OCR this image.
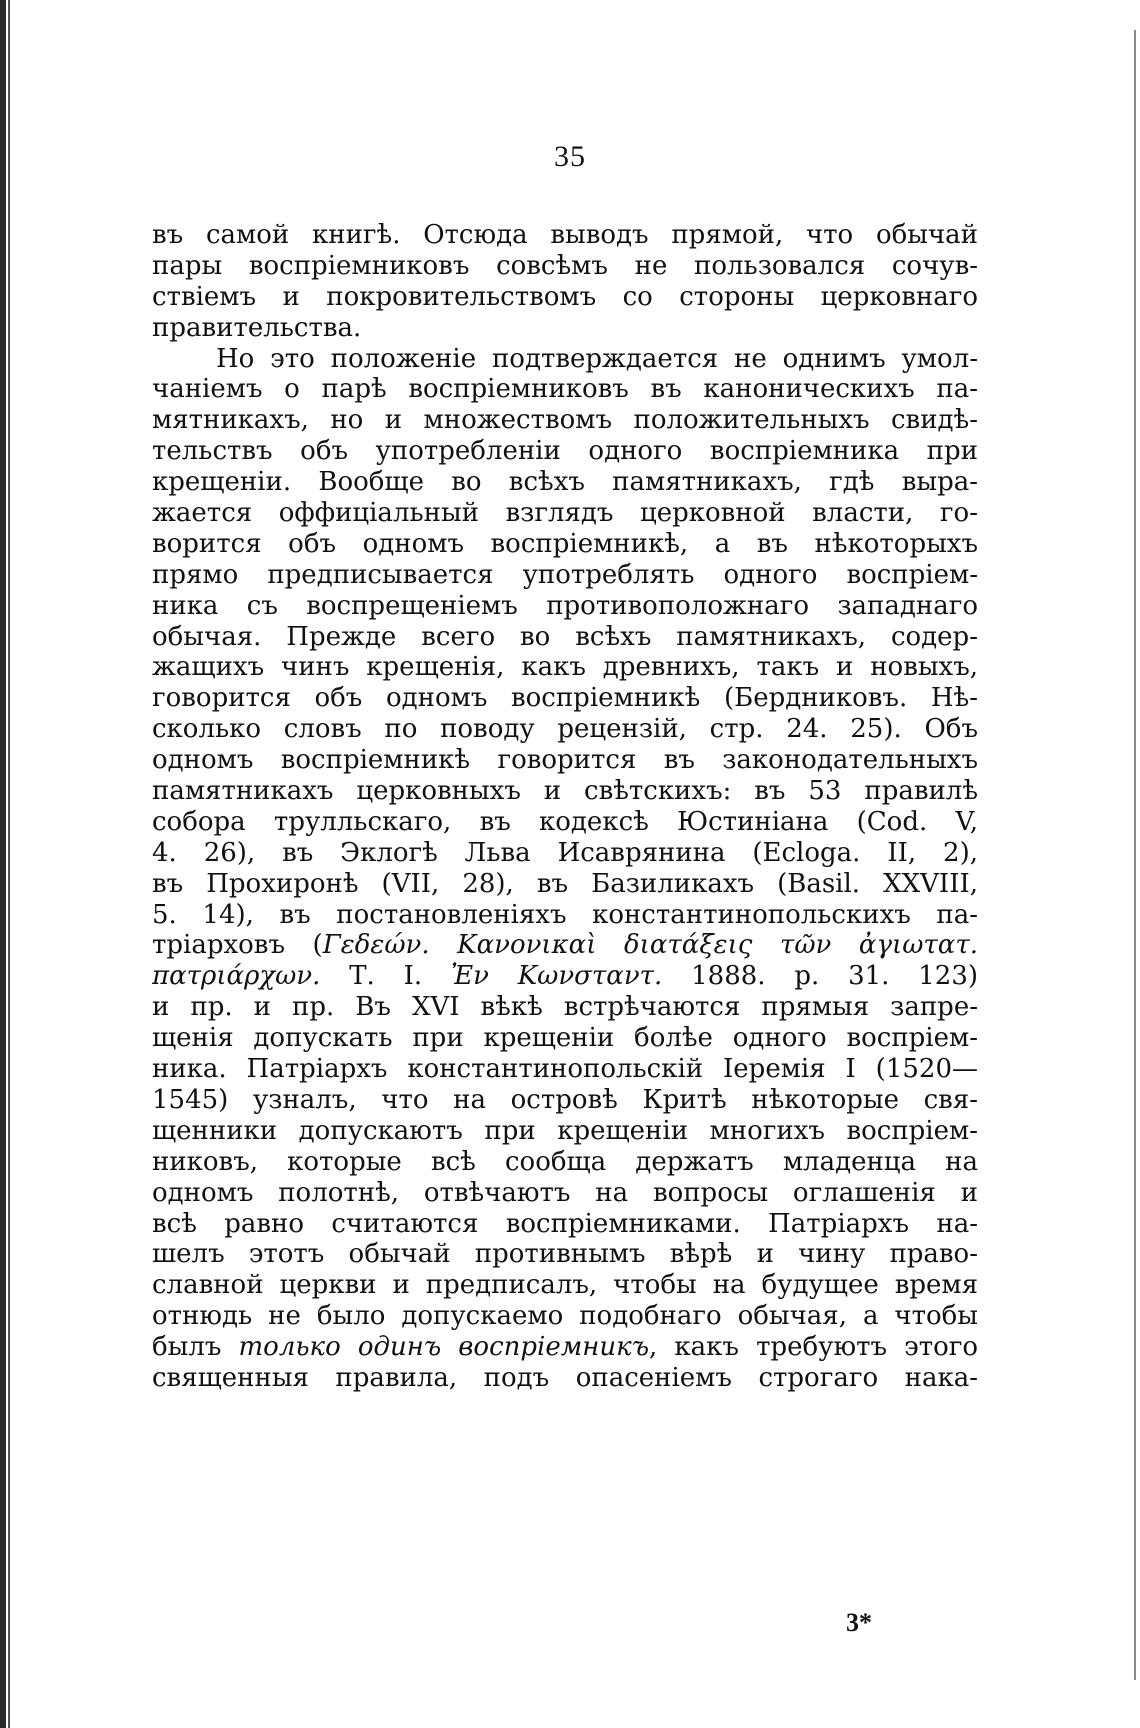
35
въ самой книгѣ. Отсюда выводъ прямой, что обычай
пары воспріемниковъ совсѣмъ не пользовался сочув-
ствіемъ и покровительствомъ со стороны церковнаго
правительства.
Но это положеніе подтверждается не однимъ умол-
чаніемъ о парѣ воспріемниковъ въ каноническихъ па-
мятникахъ, но и множествомъ положительныхъ свидѣ-
тельствъ объ употребленіи одного воспріемника при
крещеніи. Вообще во всѣхъ памятникахъ, гдѣ выра-
жается оффиціальный взглядъ церковной власти, го-
ворится объ одномъ воспріемникѣ, а въ нѣкоторыхъ
прямо предписывается употреблять одного воспріем-
ника съ воспрещеніемъ противоположнаго западнаго
обычая. Прежде всего во всѣхъ памятникахъ, содер-
жащихъ чинъ крещенія, какъ древнихъ, такъ и новыхъ,
говорится объ одномъ воспріемникѣ (Бердниковъ. Нѣ-
сколько словъ по поводу рецензій, стр. 24. 25). Объ
одномъ воспріемникѣ говорится въ законодательныхъ
памятникахъ церковныхъ и свѣтскихъ: въ 53 правилѣ
собора трулльскаго, въ кодексѣ Юстиніана (Cod. V,
4. 26), въ Эклогѣ Льва Исаврянина (Ecloga. II, 2),
въ Прохиронѣ (VII, 28), въ Базиликахъ (Basil. XXVIII,
5. 14), въ постановленіяхъ константинопольскихъ па-
тріарховъ (Γεδεών. Κανονικαὶ διατάξεις τῶν ἀγιωτατ.
πατριάρχων. Т. І. Ἐν Κωνσταντ. 1888. р. 31. 123)
и пр. и пр. Въ XVI вѣкѣ встрѣчаются прямыя запре-
щенія допускать при крещеніи болѣе одного воспріем-
ника. Патріархъ константинопольскій Іеремія І (1520—
1545) узналъ, что на островѣ Критѣ нѣкоторые свя-
щенники допускаютъ при крещеніи многихъ воспріем-
никовъ, которые всѣ сообща держатъ младенца на
одномъ полотнѣ, отвѣчаютъ на вопросы оглашенія и
всѣ равно считаются воспріемниками. Патріархъ на-
шелъ этотъ обычай противнымъ вѣрѣ и чину право-
славной церкви и предписалъ, чтобы на будущее время
отнюдь не было допускаемо подобнаго обычая, а чтобы
былъ только одинъ воспріемникъ, какъ требуютъ этого
священныя правила, подъ опасеніемъ строгаго нака-
3*
